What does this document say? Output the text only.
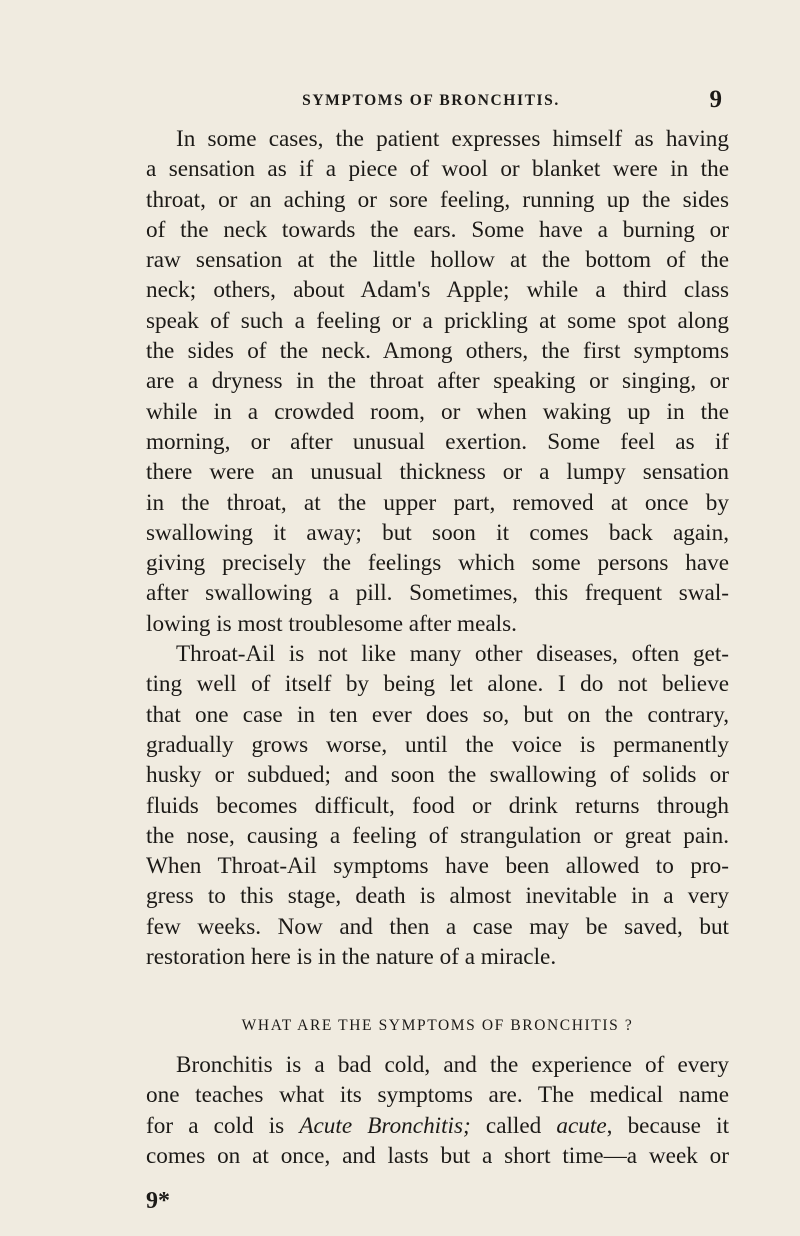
SYMPTOMS OF BRONCHITIS.	9
In some cases, the patient expresses himself as having
a sensation as if a piece of wool or blanket were in the
throat, or an aching or sore feeling, running up the sides
of the neck towards the ears. Some have a burning or
raw sensation at the little hollow at the bottom of the
neck; others, about Adam's Apple; while a third class
speak of such a feeling or a prickling at some spot along
the sides of the neck. Among others, the first symptoms
are a dryness in the throat after speaking or singing, or
while in a crowded room, or when waking up in the
morning, or after unusual exertion. Some feel as if
there were an unusual thickness or a lumpy sensation
in the throat, at the upper part, removed at once by
swallowing it away; but soon it comes back again,
giving precisely the feelings which some persons have
after swallowing a pill. Sometimes, this frequent swal-
lowing is most troublesome after meals.
Throat-Ail is not like many other diseases, often get-
ting well of itself by being let alone. I do not believe
that one case in ten ever does so, but on the contrary,
gradually grows worse, until the voice is permanently
husky or subdued; and soon the swallowing of solids or
fluids becomes difficult, food or drink returns through
the nose, causing a feeling of strangulation or great pain.
When Throat-Ail symptoms have been allowed to pro-
gress to this stage, death is almost inevitable in a very
few weeks. Now and then a case may be saved, but
restoration here is in the nature of a miracle.
WHAT ARE THE SYMPTOMS OF BRONCHITIS ?
Bronchitis is a bad cold, and the experience of every
one teaches what its symptoms are. The medical name
for a cold is Acute Bronchitis; called acute, because it
comes on at once, and lasts but a short time—a week or
9*
